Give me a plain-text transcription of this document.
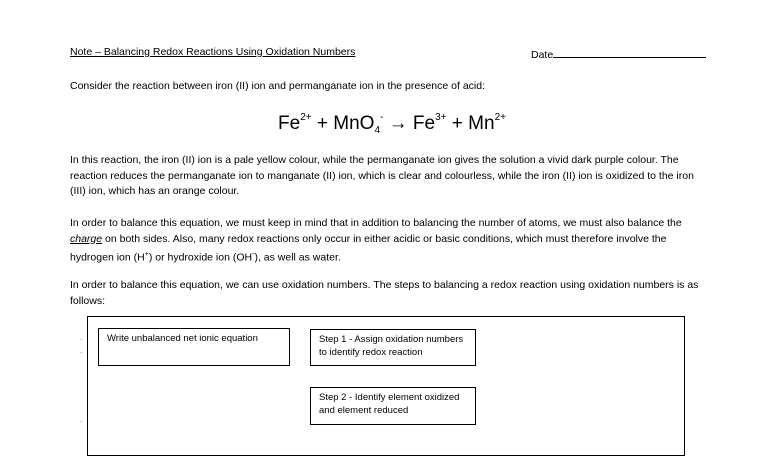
Note – Balancing Redox Reactions Using Oxidation Numbers	Date
Consider the reaction between iron (II) ion and permanganate ion in the presence of acid:
$Fe^{2+} + MnO_4^- \to Fe^{3+} + Mn^{2+}$
In this reaction, the iron (II) ion is a pale yellow colour, while the permanganate ion gives the solution a vivid dark purple colour. The reaction reduces the permanganate ion to manganate (II) ion, which is clear and colourless, while the iron (II) ion is oxidized to the iron (III) ion, which has an orange colour.
In order to balance this equation, we must keep in mind that in addition to balancing the number of atoms, we must also balance the charge on both sides. Also, many redox reactions only occur in either acidic or basic conditions, which must therefore involve the hydrogen ion (H+) or hydroxide ion (OH-), as well as water.
In order to balance this equation, we can use oxidation numbers. The steps to balancing a redox reaction using oxidation numbers is as follows:
-
-
-
Write unbalanced net ionic equation	Step 1 - Assign oxidation numbers
to identify redox reaction
Step 2 - Identify element oxidized
and element reduced
